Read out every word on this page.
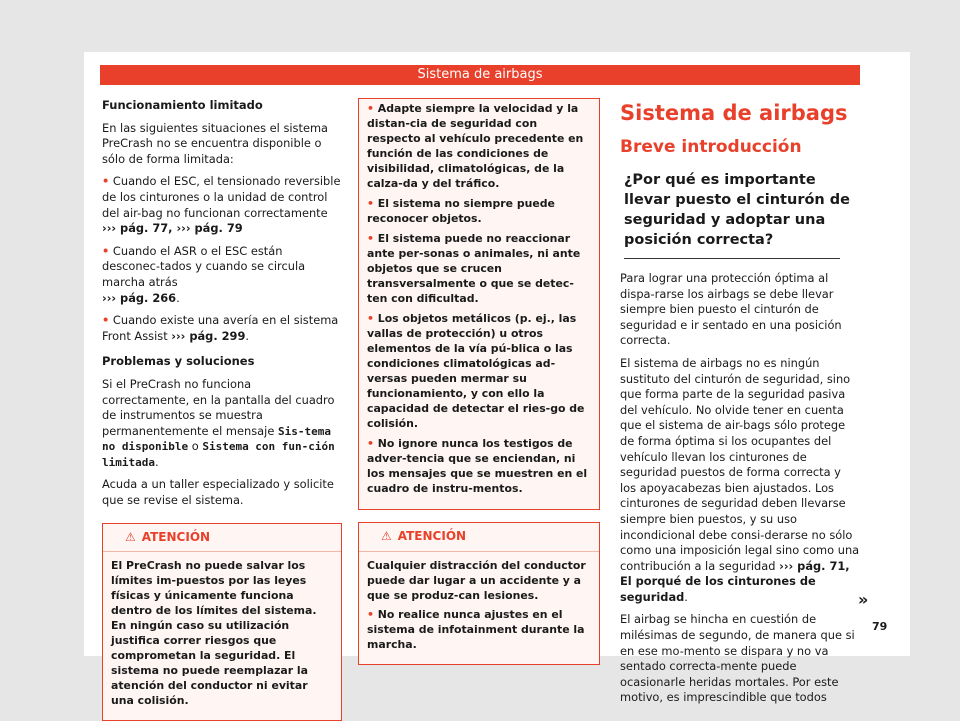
Sistema de airbags

Funcionamiento limitado

En las siguientes situaciones el sistema PreCrash no se encuentra disponible o sólo de forma limitada:

• Cuando el ESC, el tensionado reversible de los cinturones o la unidad de control del air-bag no funcionan correctamente
››› pág. 77, ››› pág. 79

• Cuando el ASR o el ESC están desconec-tados y cuando se circula marcha atrás
››› pág. 266.

• Cuando existe una avería en el sistema Front Assist ››› pág. 299.

Problemas y soluciones

Si el PreCrash no funciona correctamente, en la pantalla del cuadro de instrumentos se muestra permanentemente el mensaje Sis-tema no disponible o Sistema con fun-ción limitada.

Acuda a un taller especializado y solicite que se revise el sistema.

⚠ ATENCIÓN

El PreCrash no puede salvar los límites im-puestos por las leyes físicas y únicamente funciona dentro de los límites del sistema. En ningún caso su utilización justifica correr riesgos que comprometan la seguridad. El sistema no puede reemplazar la atención del conductor ni evitar una colisión.

• Adapte siempre la velocidad y la distan-cia de seguridad con respecto al vehículo precedente en función de las condiciones de visibilidad, climatológicas, de la calza-da y del tráfico.

• El sistema no siempre puede reconocer objetos.

• El sistema puede no reaccionar ante per-sonas o animales, ni ante objetos que se crucen transversalmente o que se detec-ten con dificultad.

• Los objetos metálicos (p. ej., las vallas de protección) u otros elementos de la vía pú-blica o las condiciones climatológicas ad-versas pueden mermar su funcionamiento, y con ello la capacidad de detectar el ries-go de colisión.

• No ignore nunca los testigos de adver-tencia que se enciendan, ni los mensajes que se muestren en el cuadro de instru-mentos.

⚠ ATENCIÓN

Cualquier distracción del conductor puede dar lugar a un accidente y a que se produz-can lesiones.

• No realice nunca ajustes en el sistema de infotainment durante la marcha.

Sistema de airbags
Breve introducción
¿Por qué es importante llevar puesto el cinturón de seguridad y adoptar una posición correcta?

Para lograr una protección óptima al dispa-rarse los airbags se debe llevar siempre bien puesto el cinturón de seguridad e ir sentado en una posición correcta.

El sistema de airbags no es ningún sustituto del cinturón de seguridad, sino que forma parte de la seguridad pasiva del vehículo. No olvide tener en cuenta que el sistema de air-bags sólo protege de forma óptima si los ocupantes del vehículo llevan los cinturones de seguridad puestos de forma correcta y los apoyacabezas bien ajustados. Los cinturones de seguridad deben llevarse siempre bien puestos, y su uso incondicional debe consi-derarse no sólo como una imposición legal sino como una contribución a la seguridad ››› pág. 71, El porqué de los cinturones de seguridad.

El airbag se hincha en cuestión de milésimas de segundo, de manera que si en ese mo-mento se dispara y no va sentado correcta-mente puede ocasionarle heridas mortales. Por este motivo, es imprescindible que todos

»
79
